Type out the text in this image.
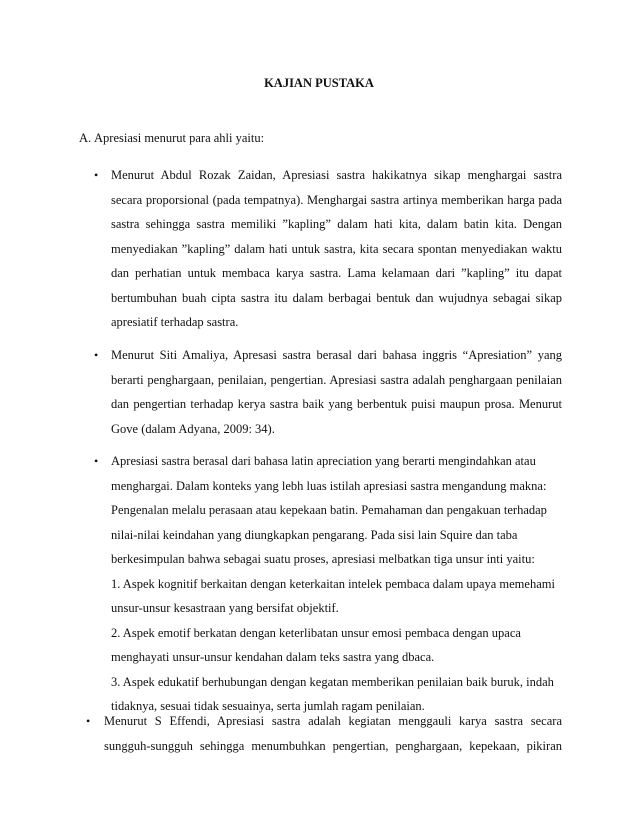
KAJIAN PUSTAKA
A. Apresiasi menurut para ahli yaitu:
• Menurut Abdul Rozak Zaidan, Apresiasi sastra hakikatnya sikap menghargai sastra
secara proporsional (pada tempatnya). Menghargai sastra artinya memberikan harga pada
sastra sehingga sastra memiliki ”kapling” dalam hati kita, dalam batin kita. Dengan
menyediakan ”kapling” dalam hati untuk sastra, kita secara spontan menyediakan waktu
dan perhatian untuk membaca karya sastra. Lama kelamaan dari ”kapling” itu dapat
bertumbuhan buah cipta sastra itu dalam berbagai bentuk dan wujudnya sebagai sikap
apresiatif terhadap sastra.
• Menurut Siti Amaliya, Apresasi sastra berasal dari bahasa inggris “Apresiation” yang
berarti penghargaan, penilaian, pengertian. Apresiasi sastra adalah penghargaan penilaian
dan pengertian terhadap kerya sastra baik yang berbentuk puisi maupun prosa. Menurut
Gove (dalam Adyana, 2009: 34).
• Apresiasi sastra berasal dari bahasa latin apreciation yang berarti mengindahkan atau
menghargai. Dalam konteks yang lebh luas istilah apresiasi sastra mengandung makna:
Pengenalan melalu perasaan atau kepekaan batin. Pemahaman dan pengakuan terhadap
nilai-nilai keindahan yang diungkapkan pengarang. Pada sisi lain Squire dan taba
berkesimpulan bahwa sebagai suatu proses, apresiasi melbatkan tiga unsur inti yaitu:
1. Aspek kognitif berkaitan dengan keterkaitan intelek pembaca dalam upaya memehami
unsur-unsur kesastraan yang bersifat objektif.
2. Aspek emotif berkatan dengan keterlibatan unsur emosi pembaca dengan upaca
menghayati unsur-unsur kendahan dalam teks sastra yang dbaca.
3. Aspek edukatif berhubungan dengan kegatan memberikan penilaian baik buruk, indah
tidaknya, sesuai tidak sesuainya, serta jumlah ragam penilaian.
• Menurut S Effendi, Apresiasi sastra adalah kegiatan menggauli karya sastra secara
sungguh-sungguh sehingga menumbuhkan pengertian, penghargaan, kepekaan, pikiran
